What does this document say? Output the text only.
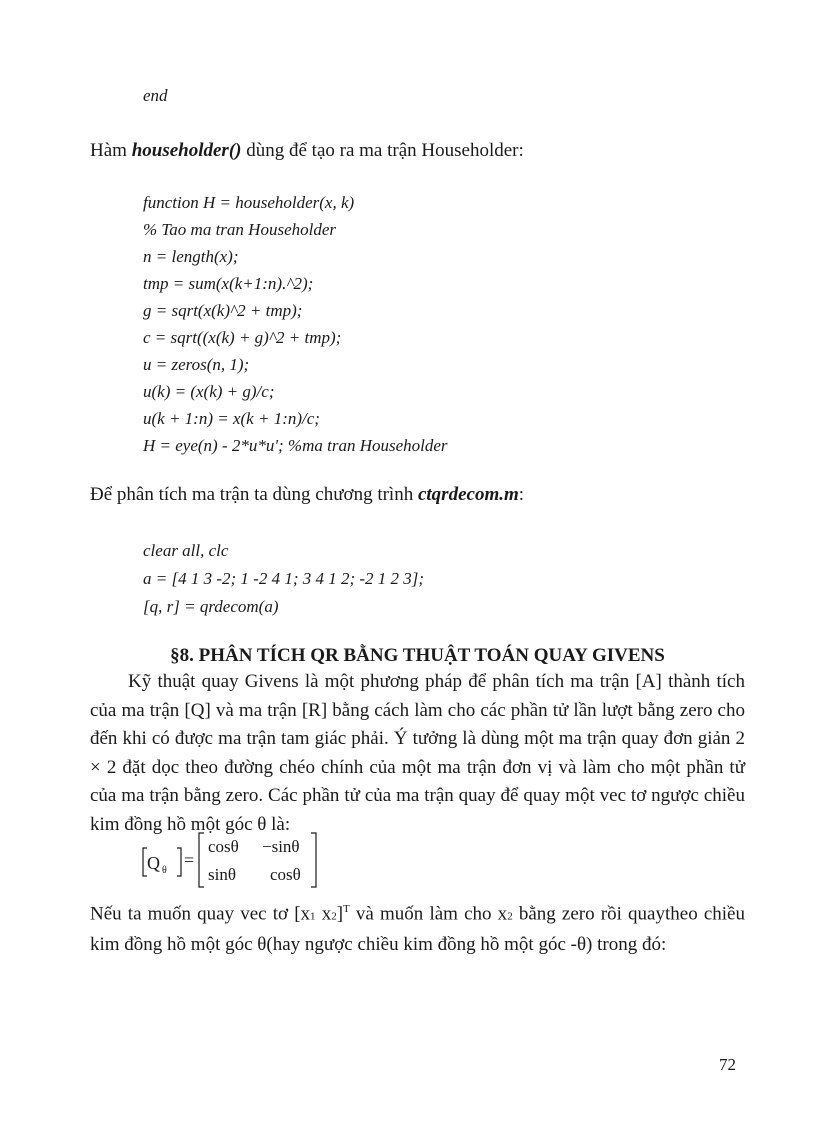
end
Hàm householder() dùng để tạo ra ma trận Householder:
function H = householder(x, k)
% Tao ma tran Householder
n = length(x);
tmp = sum(x(k+1:n).^2);
g = sqrt(x(k)^2 + tmp);
c = sqrt((x(k) + g)^2 + tmp);
u = zeros(n, 1);
u(k) = (x(k) + g)/c;
u(k + 1:n) = x(k + 1:n)/c;
H = eye(n) - 2*u*u'; %ma tran Householder
Để phân tích ma trận ta dùng chương trình ctqrdecom.m:
clear all, clc
a = [4 1 3 -2; 1 -2 4 1; 3 4 1 2; -2 1 2 3];
[q, r] = qrdecom(a)
§8. PHÂN TÍCH QR BẰNG THUẬT TOÁN QUAY GIVENS
Kỹ thuật quay Givens là một phương pháp để phân tích ma trận [A] thành tích của ma trận [Q] và ma trận [R] bằng cách làm cho các phần tử lần lượt bằng zero cho đến khi có được ma trận tam giác phải. Ý tưởng là dùng một ma trận quay đơn giản 2 × 2 đặt dọc theo đường chéo chính của một ma trận đơn vị và làm cho một phần tử của ma trận bằng zero. Các phần tử của ma trận quay để quay một vec tơ ngược chiều kim đồng hồ một góc θ là:
Q θ
=
cosθ −sinθ
sinθ cosθ
Nếu ta muốn quay vec tơ [x1 x2]$^T$ và muốn làm cho x2 bằng zero rồi quaytheo chiều kim đồng hồ một góc θ(hay ngược chiều kim đồng hồ một góc -θ) trong đó:
72
